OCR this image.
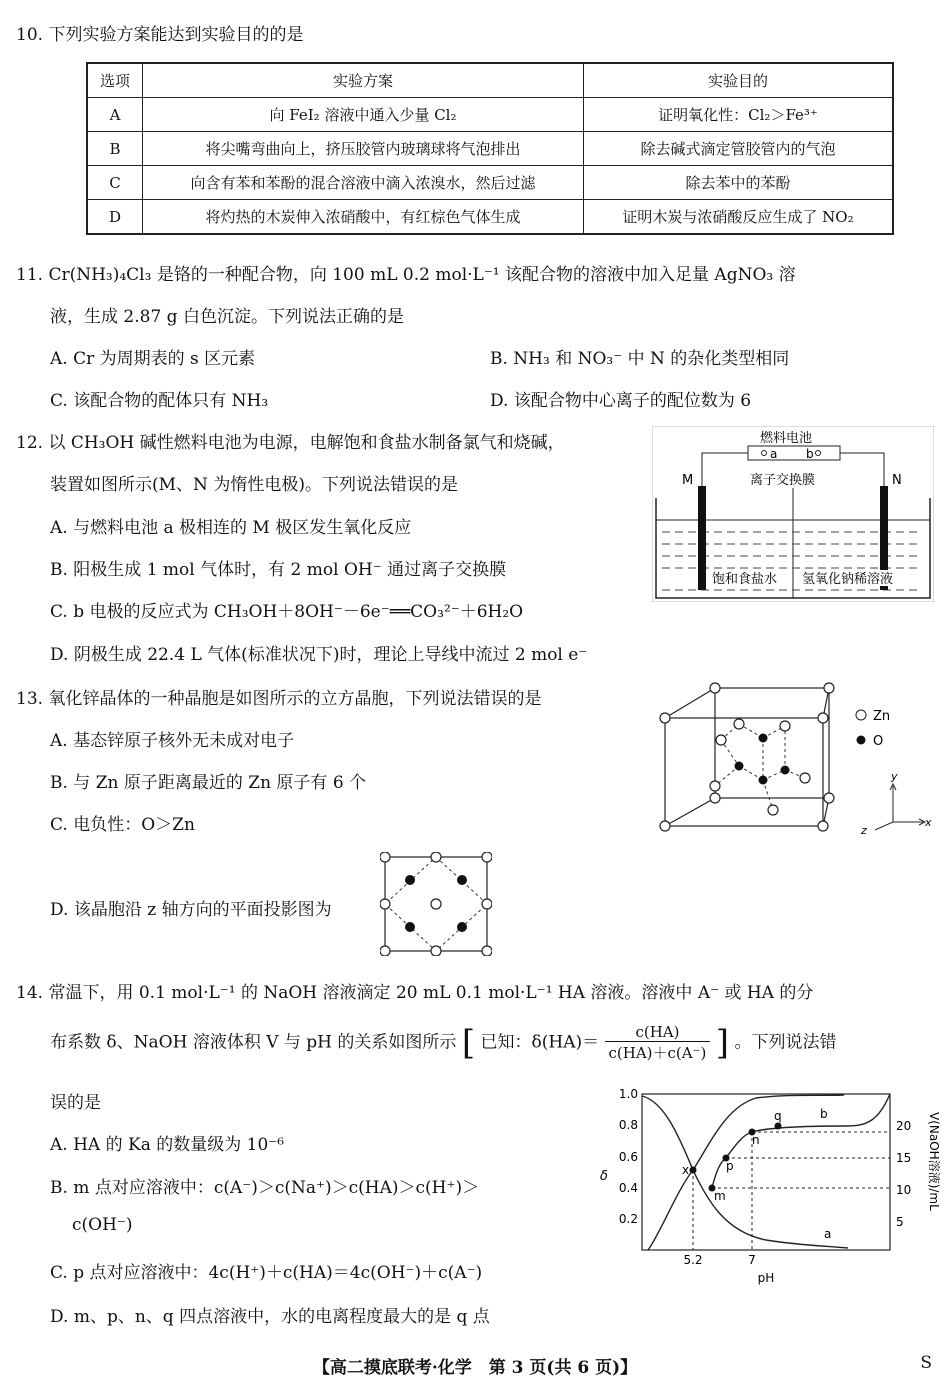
10. 下列实验方案能达到实验目的的是
选项	实验方案	实验目的
A	向 FeI₂ 溶液中通入少量 Cl₂	证明氧化性：Cl₂＞Fe³⁺
B	将尖嘴弯曲向上，挤压胶管内玻璃球将气泡排出	除去碱式滴定管胶管内的气泡
C	向含有苯和苯酚的混合溶液中滴入浓溴水，然后过滤	除去苯中的苯酚
D	将灼热的木炭伸入浓硝酸中，有红棕色气体生成	证明木炭与浓硝酸反应生成了 NO₂
11. Cr(NH₃)₄Cl₃ 是铬的一种配合物，向 100 mL 0.2 mol·L⁻¹ 该配合物的溶液中加入足量 AgNO₃ 溶
液，生成 2.87 g 白色沉淀。下列说法正确的是
A. Cr 为周期表的 s 区元素	B. NH₃ 和 NO₃⁻ 中 N 的杂化类型相同
C. 该配合物的配体只有 NH₃	D. 该配合物中心离子的配位数为 6
12. 以 CH₃OH 碱性燃料电池为电源，电解饱和食盐水制备氯气和烧碱，
装置如图所示(M、N 为惰性电极)。下列说法错误的是
A. 与燃料电池 a 极相连的 M 极区发生氧化反应
B. 阳极生成 1 mol 气体时，有 2 mol OH⁻ 通过离子交换膜
C. b 电极的反应式为 CH₃OH＋8OH⁻－6e⁻══CO₃²⁻＋6H₂O
D. 阴极生成 22.4 L 气体(标准状况下)时，理论上导线中流过 2 mol e⁻
燃料电池
a b
M	N
离子交换膜
饱和食盐水 氢氧化钠稀溶液
13. 氧化锌晶体的一种晶胞是如图所示的立方晶胞，下列说法错误的是
A. 基态锌原子核外无未成对电子
B. 与 Zn 原子距离最近的 Zn 原子有 6 个
C. 电负性：O＞Zn
D. 该晶胞沿 z 轴方向的平面投影图为
Zn
O
y
x
z
14. 常温下，用 0.1 mol·L⁻¹ 的 NaOH 溶液滴定 20 mL 0.1 mol·L⁻¹ HA 溶液。溶液中 A⁻ 或 HA 的分
布系数 δ、NaOH 溶液体积 V 与 pH 的关系如图所示 [ 已知：$\delta(HA)= \frac{c(HA)}{c(HA)+c(A^-)}$ ] 。下列说法错
误的是
A. HA 的 Ka 的数量级为 10⁻⁶
B. m 点对应溶液中：c(A⁻)＞c(Na⁺)＞c(HA)＞c(H⁺)＞
c(OH⁻)
C. p 点对应溶液中：4c(H⁺)＋c(HA)＝4c(OH⁻)＋c(A⁻)
D. m、p、n、q 四点溶液中，水的电离程度最大的是 q 点
1.0
0.8
0.6
0.4
0.2
δ
20
15
10
5
V(NaOH溶液)/mL
x
m
p
n
q	b
a
5.2	7
pH
【高二摸底联考·化学　第 3 页(共 6 页)】	S
